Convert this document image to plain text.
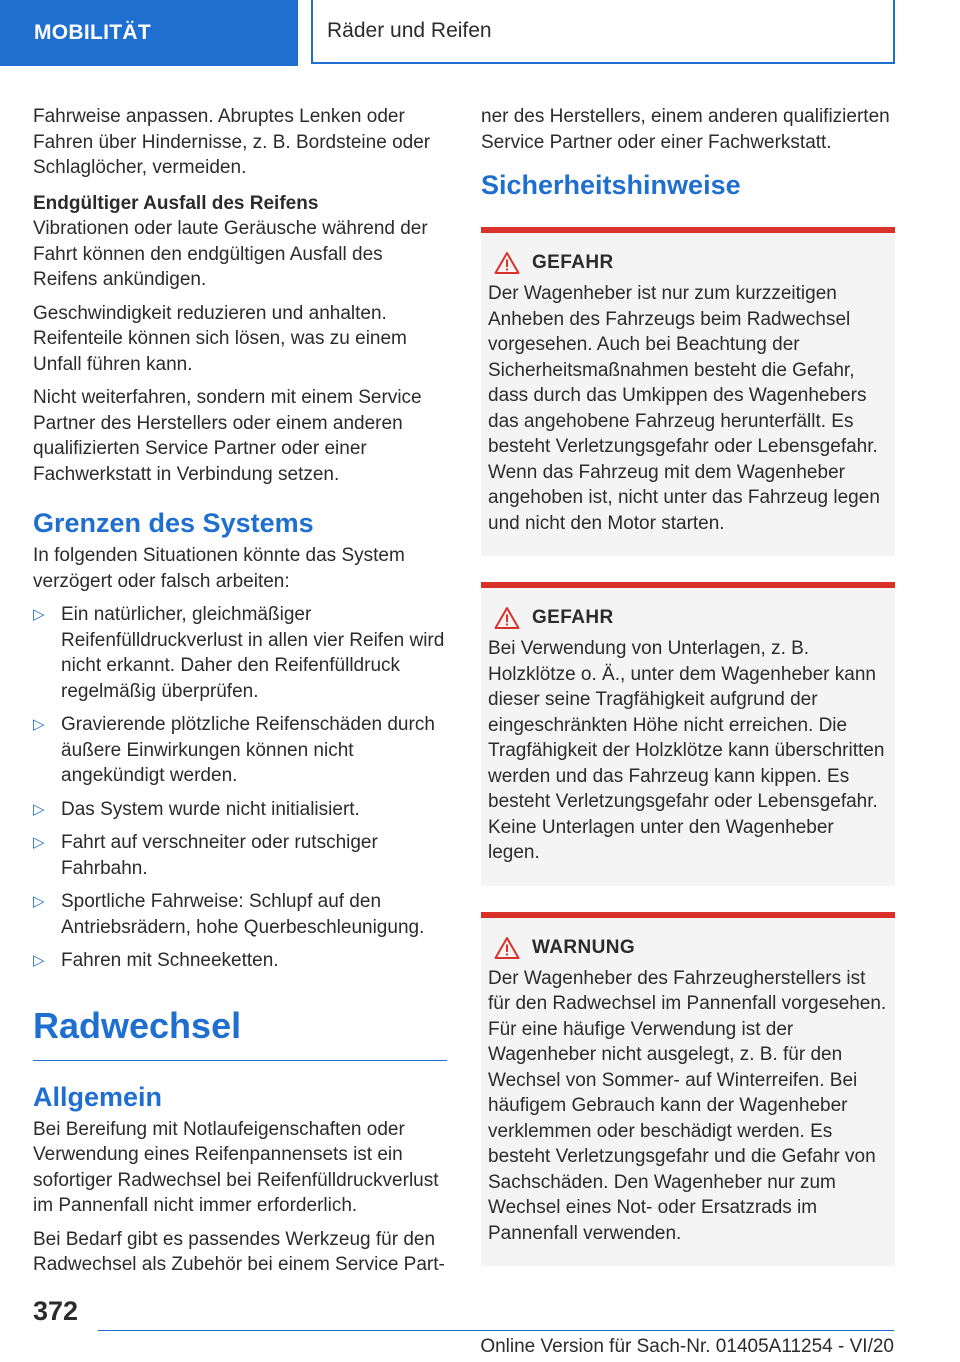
MOBILITÄT	Räder und Reifen

Fahrweise anpassen. Abruptes Lenken oder Fahren über Hindernisse, z. B. Bordsteine oder Schlaglöcher, vermeiden.

Endgültiger Ausfall des Reifens

Vibrationen oder laute Geräusche während der Fahrt können den endgültigen Ausfall des Reifens ankündigen.

Geschwindigkeit reduzieren und anhalten. Reifenteile können sich lösen, was zu einem Unfall führen kann.

Nicht weiterfahren, sondern mit einem Service Partner des Herstellers oder einem anderen qualifizierten Service Partner oder einer Fachwerkstatt in Verbindung setzen.

Grenzen des Systems

In folgenden Situationen könnte das System verzögert oder falsch arbeiten:

▷ Ein natürlicher, gleichmäßiger Reifenfülldruckverlust in allen vier Reifen wird nicht erkannt. Daher den Reifenfülldruck regelmäßig überprüfen.
▷ Gravierende plötzliche Reifenschäden durch äußere Einwirkungen können nicht angekündigt werden.
▷ Das System wurde nicht initialisiert.
▷ Fahrt auf verschneiter oder rutschiger Fahrbahn.
▷ Sportliche Fahrweise: Schlupf auf den Antriebsrädern, hohe Querbeschleunigung.
▷ Fahren mit Schneeketten.
Radwechsel
Allgemein

Bei Bereifung mit Notlaufeigenschaften oder Verwendung eines Reifenpannensets ist ein sofortiger Radwechsel bei Reifenfülldruckverlust im Pannenfall nicht immer erforderlich.

Bei Bedarf gibt es passendes Werkzeug für den Radwechsel als Zubehör bei einem Service Part-

ner des Herstellers, einem anderen qualifizierten Service Partner oder einer Fachwerkstatt.

Sicherheitshinweise
GEFAHR

Der Wagenheber ist nur zum kurzzeitigen Anheben des Fahrzeugs beim Radwechsel vorgesehen. Auch bei Beachtung der Sicherheitsmaßnahmen besteht die Gefahr, dass durch das Umkippen des Wagenhebers das angehobene Fahrzeug herunterfällt. Es besteht Verletzungsgefahr oder Lebensgefahr. Wenn das Fahrzeug mit dem Wagenheber angehoben ist, nicht unter das Fahrzeug legen und nicht den Motor starten.

GEFAHR

Bei Verwendung von Unterlagen, z. B. Holzklötze o. Ä., unter dem Wagenheber kann dieser seine Tragfähigkeit aufgrund der eingeschränkten Höhe nicht erreichen. Die Tragfähigkeit der Holzklötze kann überschritten werden und das Fahrzeug kann kippen. Es besteht Verletzungsgefahr oder Lebensgefahr. Keine Unterlagen unter den Wagenheber legen.

WARNUNG

Der Wagenheber des Fahrzeugherstellers ist für den Radwechsel im Pannenfall vorgesehen. Für eine häufige Verwendung ist der Wagenheber nicht ausgelegt, z. B. für den Wechsel von Sommer- auf Winterreifen. Bei häufigem Gebrauch kann der Wagenheber verklemmen oder beschädigt werden. Es besteht Verletzungsgefahr und die Gefahr von Sachschäden. Den Wagenheber nur zum Wechsel eines Not- oder Ersatzrads im Pannenfall verwenden.

372
Online Version für Sach-Nr. 01405A11254 - VI/20
